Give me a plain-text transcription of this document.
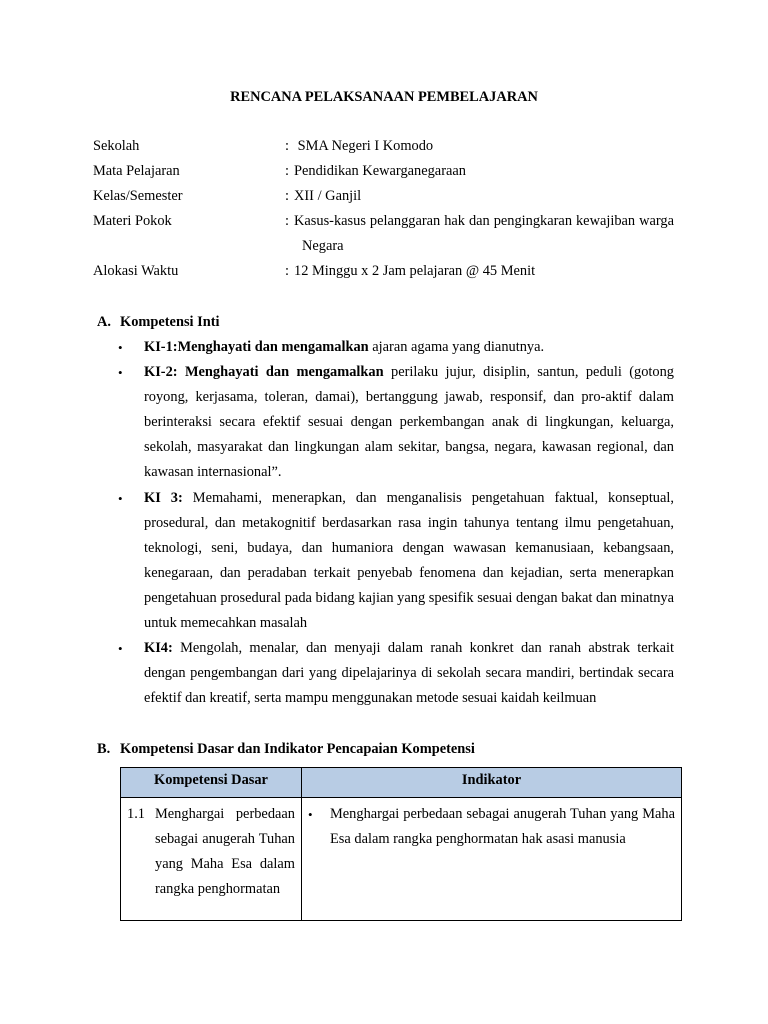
RENCANA PELAKSANAAN PEMBELAJARAN
Sekolah	: SMA Negeri I Komodo
Mata Pelajaran	: Pendidikan Kewarganegaraan
Kelas/Semester	: XII / Ganjil
Materi Pokok	: Kasus-kasus pelanggaran hak dan pengingkaran kewajiban warga Negara
Alokasi Waktu	: 12 Minggu x 2 Jam pelajaran @ 45 Menit
A. Kompetensi Inti
•	KI-1:Menghayati dan mengamalkan ajaran agama yang dianutnya.
•	KI-2: Menghayati dan mengamalkan perilaku jujur, disiplin, santun, peduli (gotong royong, kerjasama, toleran, damai), bertanggung jawab, responsif, dan pro-aktif dalam berinteraksi secara efektif sesuai dengan perkembangan anak di lingkungan, keluarga, sekolah, masyarakat dan lingkungan alam sekitar, bangsa, negara, kawasan regional, dan kawasan internasional”.
•	KI 3: Memahami, menerapkan, dan menganalisis pengetahuan faktual, konseptual, prosedural, dan metakognitif berdasarkan rasa ingin tahunya tentang ilmu pengetahuan, teknologi, seni, budaya, dan humaniora dengan wawasan kemanusiaan, kebangsaan, kenegaraan, dan peradaban terkait penyebab fenomena dan kejadian, serta menerapkan pengetahuan prosedural pada bidang kajian yang spesifik sesuai dengan bakat dan minatnya untuk memecahkan masalah
•	KI4: Mengolah, menalar, dan menyaji dalam ranah konkret dan ranah abstrak terkait dengan pengembangan dari yang dipelajarinya di sekolah secara mandiri, bertindak secara efektif dan kreatif, serta mampu menggunakan metode sesuai kaidah keilmuan
B. Kompetensi Dasar dan Indikator Pencapaian Kompetensi
Kompetensi Dasar	Indikator

1.1 Menghargai perbedaan sebagai anugerah Tuhan yang Maha Esa dalam rangka penghormatan	• Menghargai perbedaan sebagai anugerah Tuhan yang Maha Esa dalam rangka penghormatan hak asasi manusia
